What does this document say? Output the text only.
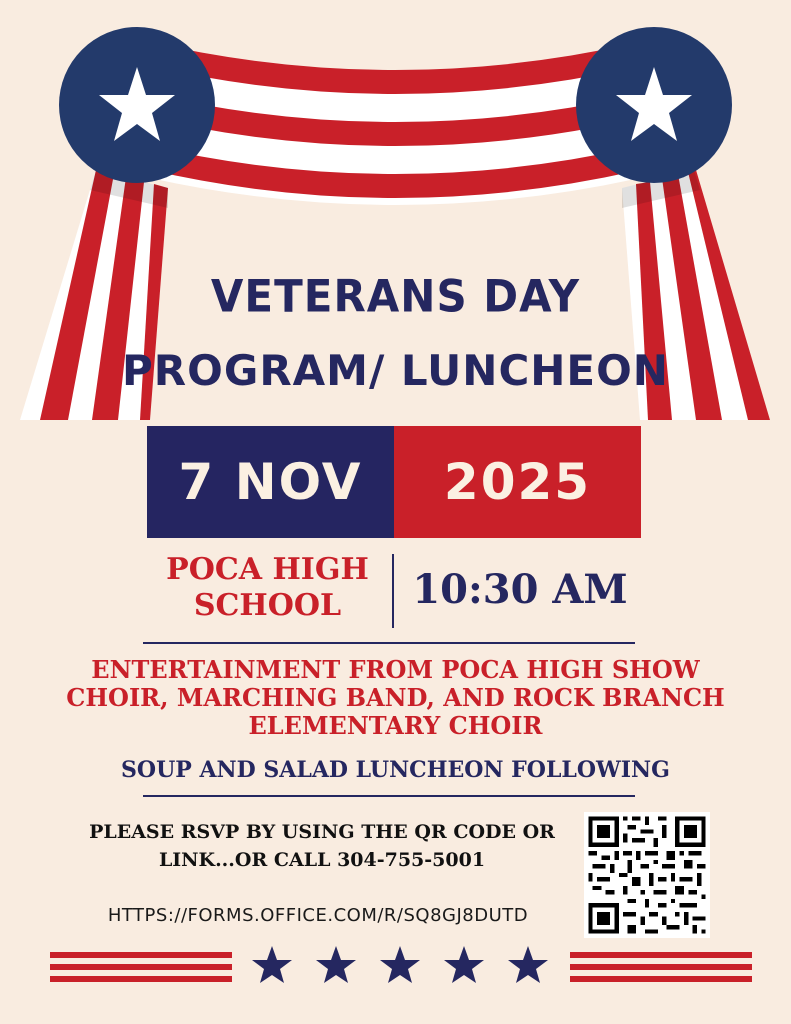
VETERANS DAY
PROGRAM/ LUNCHEON
7 NOV 2025
POCA HIGH SCHOOL	10:30 AM
ENTERTAINMENT FROM POCA HIGH SHOW CHOIR, MARCHING BAND, AND ROCK BRANCH ELEMENTARY CHOIR
SOUP AND SALAD LUNCHEON FOLLOWING
PLEASE RSVP BY USING THE QR CODE OR LINK...OR CALL 304-755-5001
HTTPS://FORMS.OFFICE.COM/R/SQ8GJ8DUTD
